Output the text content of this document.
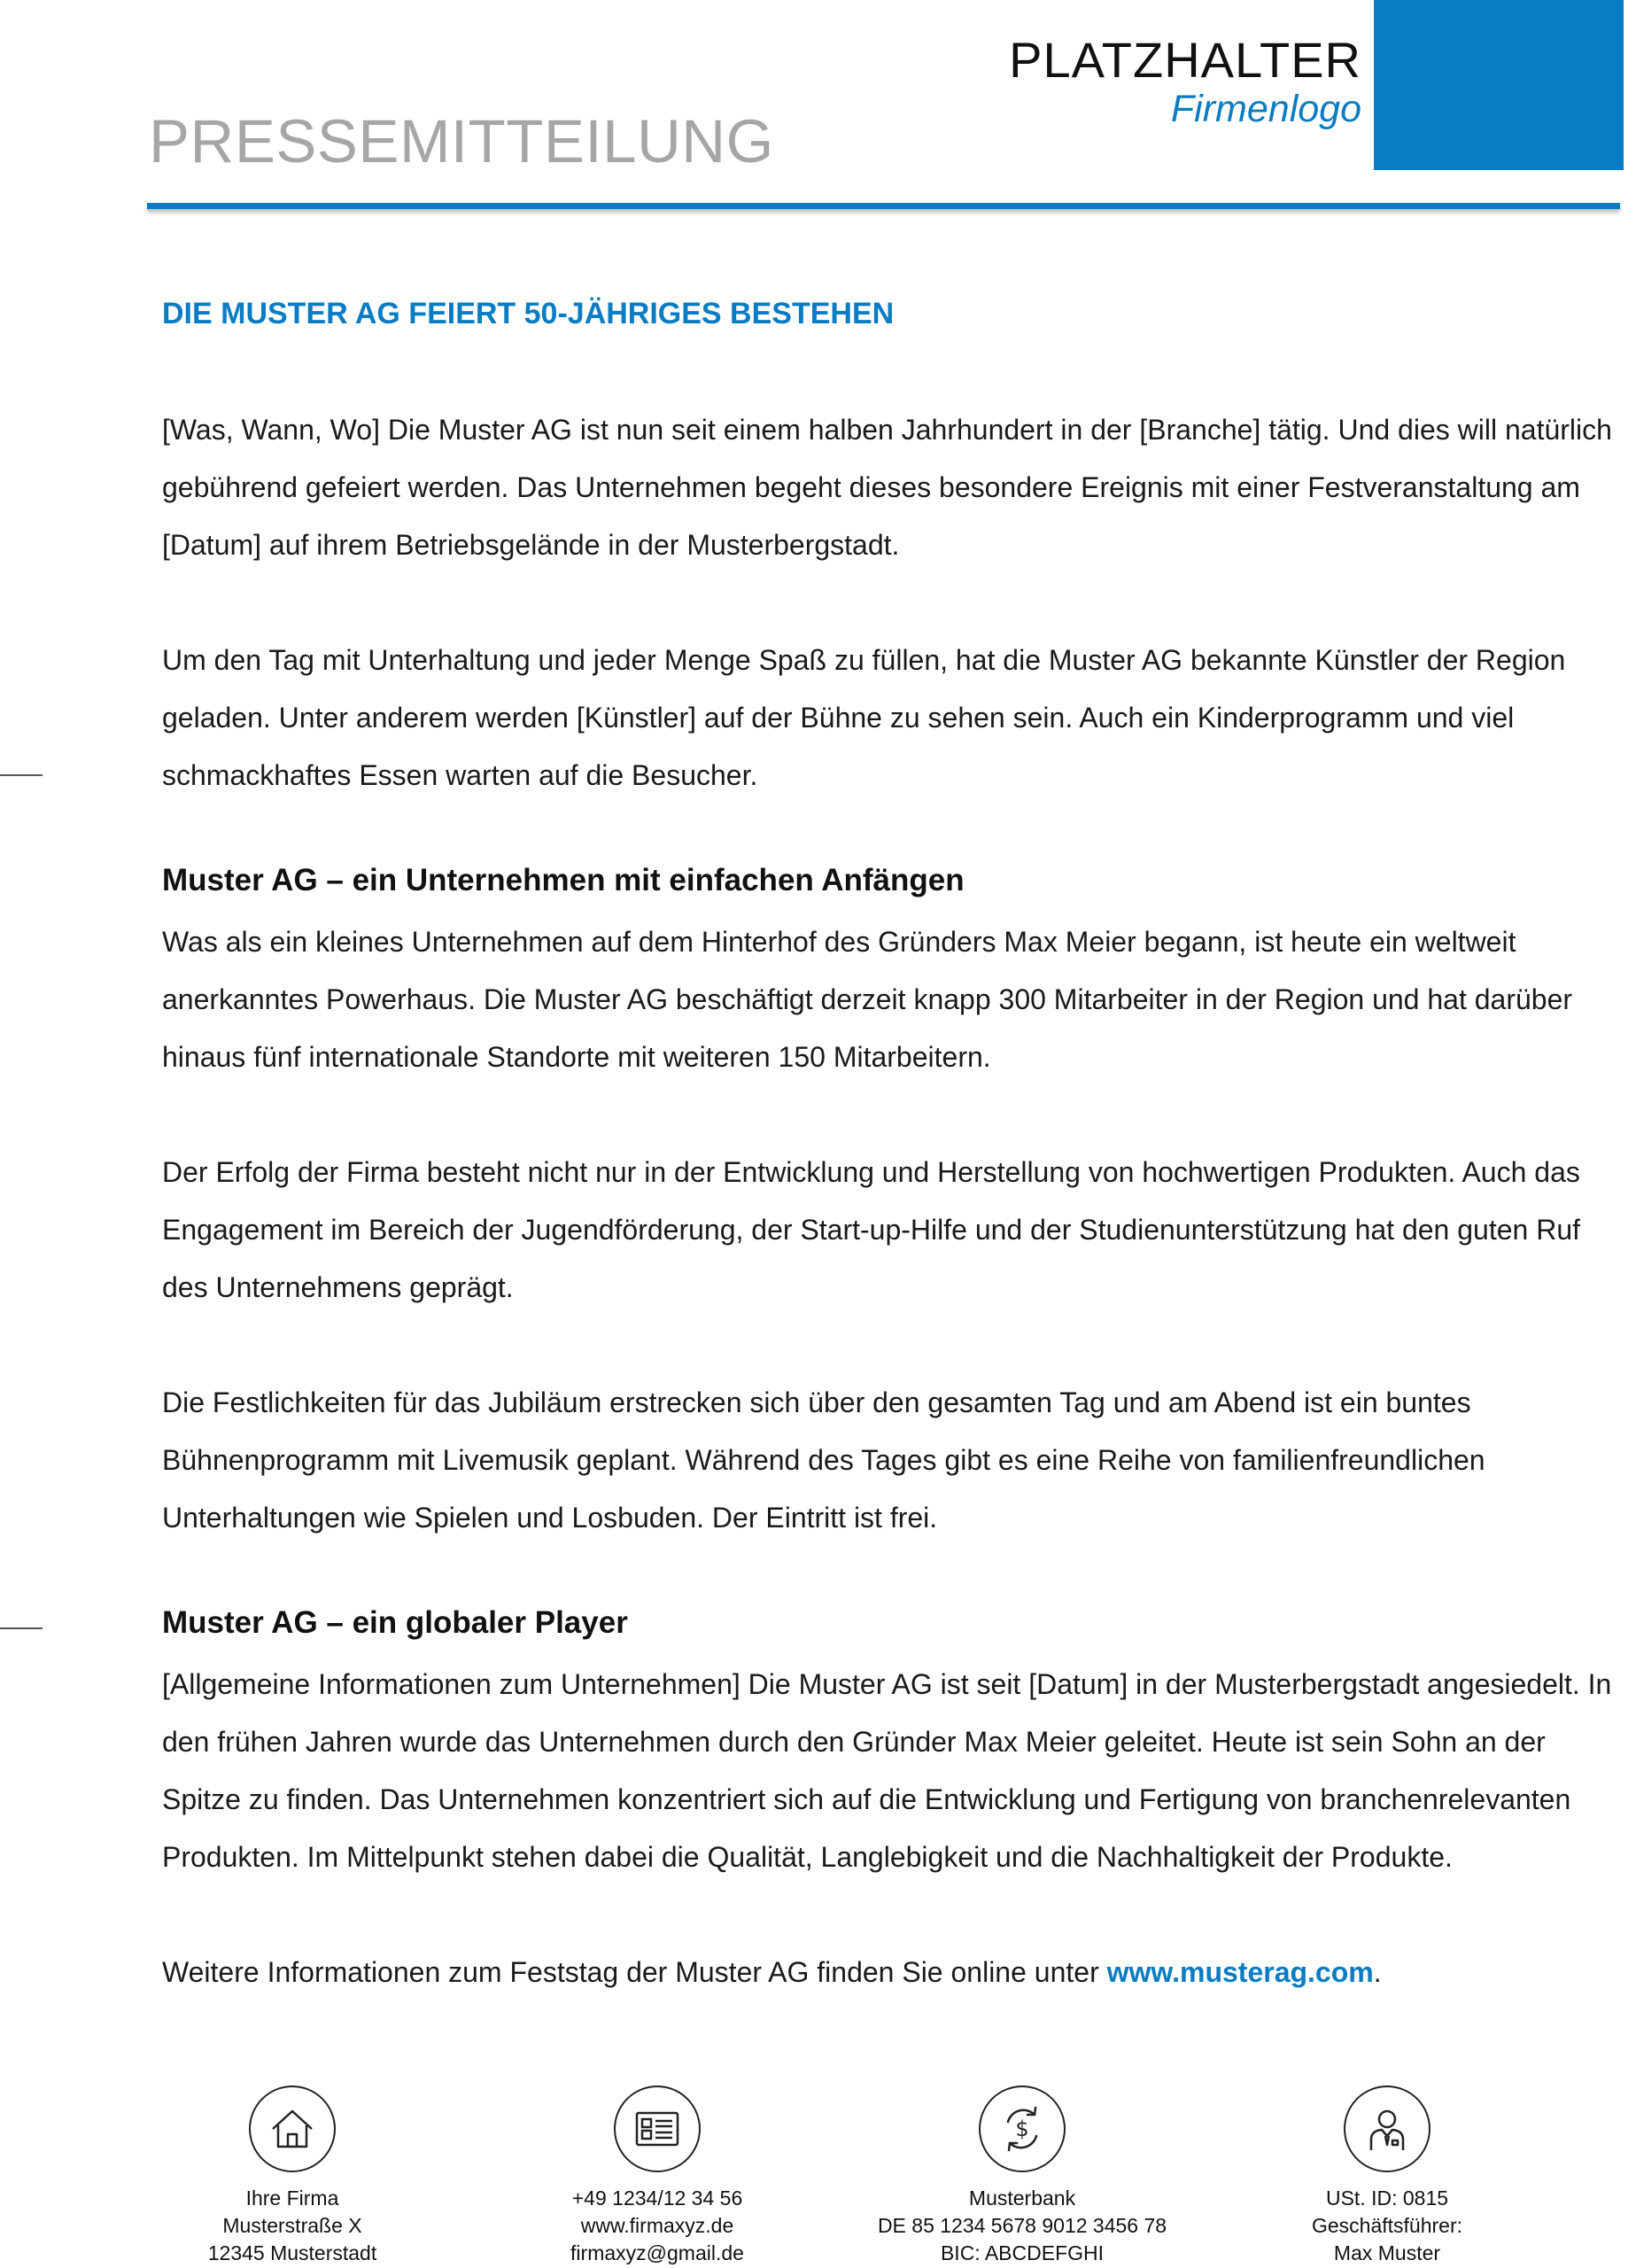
PRESSEMITTEILUNG
PLATZHALTER
Firmenlogo
DIE MUSTER AG FEIERT 50-JÄHRIGES BESTEHEN

[Was, Wann, Wo] Die Muster AG ist nun seit einem halben Jahrhundert in der [Branche] tätig. Und dies will natürlich gebührend gefeiert werden. Das Unternehmen begeht dieses besondere Ereignis mit einer Festveranstaltung am [Datum] auf ihrem Betriebsgelände in der Musterbergstadt.

Um den Tag mit Unterhaltung und jeder Menge Spaß zu füllen, hat die Muster AG bekannte Künstler der Region geladen. Unter anderem werden [Künstler] auf der Bühne zu sehen sein. Auch ein Kinderprogramm und viel schmackhaftes Essen warten auf die Besucher.

Muster AG – ein Unternehmen mit einfachen Anfängen

Was als ein kleines Unternehmen auf dem Hinterhof des Gründers Max Meier begann, ist heute ein weltweit anerkanntes Powerhaus. Die Muster AG beschäftigt derzeit knapp 300 Mitarbeiter in der Region und hat darüber hinaus fünf internationale Standorte mit weiteren 150 Mitarbeitern.

Der Erfolg der Firma besteht nicht nur in der Entwicklung und Herstellung von hochwertigen Produkten. Auch das Engagement im Bereich der Jugendförderung, der Start-up-Hilfe und der Studienunterstützung hat den guten Ruf des Unternehmens geprägt.

Die Festlichkeiten für das Jubiläum erstrecken sich über den gesamten Tag und am Abend ist ein buntes Bühnenprogramm mit Livemusik geplant. Während des Tages gibt es eine Reihe von familienfreundlichen Unterhaltungen wie Spielen und Losbuden. Der Eintritt ist frei.

Muster AG – ein globaler Player

[Allgemeine Informationen zum Unternehmen] Die Muster AG ist seit [Datum] in der Musterbergstadt angesiedelt. In den frühen Jahren wurde das Unternehmen durch den Gründer Max Meier geleitet. Heute ist sein Sohn an der Spitze zu finden. Das Unternehmen konzentriert sich auf die Entwicklung und Fertigung von branchenrelevanten Produkten. Im Mittelpunkt stehen dabei die Qualität, Langlebigkeit und die Nachhaltigkeit der Produkte.

Weitere Informationen zum Feststag der Muster AG finden Sie online unter www.musterag.com.

Ihre Firma
Musterstraße X
12345 Musterstadt
+49 1234/12 34 56
www.firmaxyz.de
firmaxyz@gmail.de
$
Musterbank
DE 85 1234 5678 9012 3456 78
BIC: ABCDEFGHI
USt. ID: 0815
Geschäftsführer:
Max Muster
